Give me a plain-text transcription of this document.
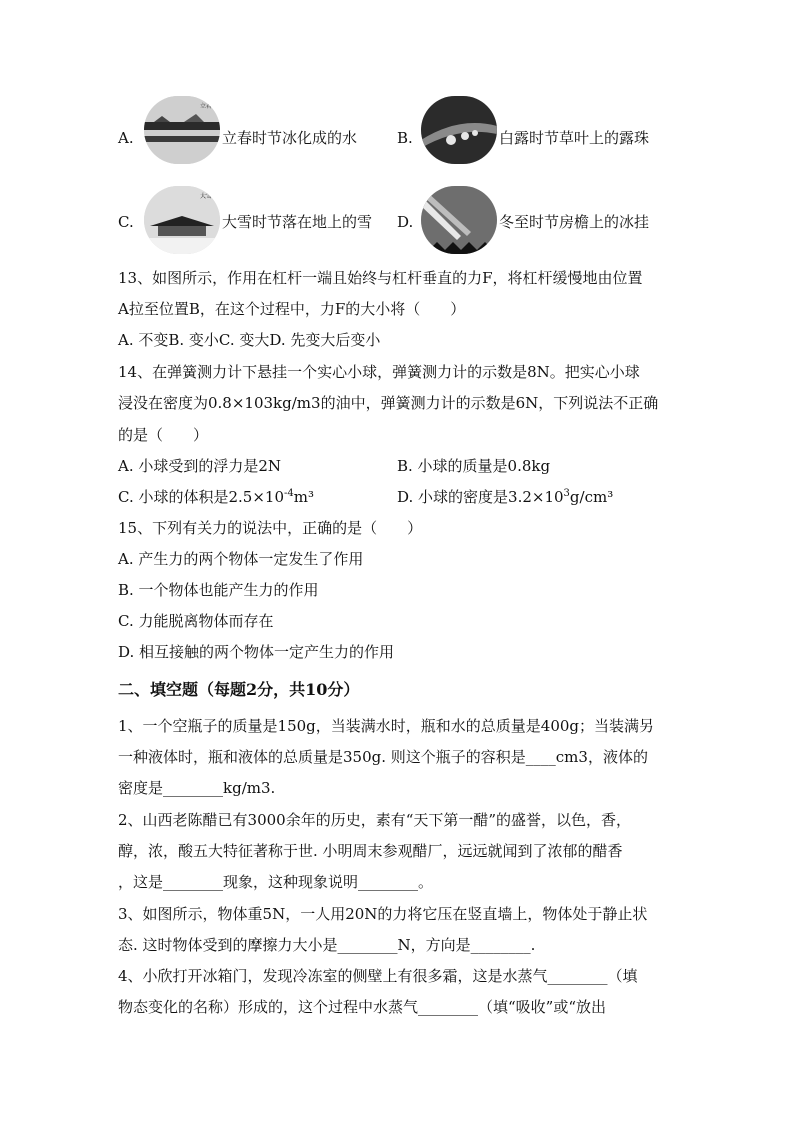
A.
立春
立春时节冰化成的水	B.	白露时节草叶上的露珠
C.
大雪
大雪时节落在地上的雪 D.	冬至时节房檐上的冰挂
13、如图所示，作用在杠杆一端且始终与杠杆垂直的力F，将杠杆缓慢地由位置
A拉至位置B，在这个过程中，力F的大小将（　　）
A. 不变B. 变小C. 变大D. 先变大后变小
14、在弹簧测力计下悬挂一个实心小球，弹簧测力计的示数是8N。把实心小球
浸没在密度为0.8×103kg/m3的油中，弹簧测力计的示数是6N，下列说法不正确
的是（　　）
A. 小球受到的浮力是2N	B. 小球的质量是0.8kg
C. 小球的体积是$2.5\times 10^{-4}m^3$	D. 小球的密度是$3.2\times 10^3g$/cm³
15、下列有关力的说法中，正确的是（　　）
A. 产生力的两个物体一定发生了作用
B. 一个物体也能产生力的作用
C. 力能脱离物体而存在
D. 相互接触的两个物体一定产生力的作用
二、填空题（每题2分，共10分）
1、一个空瓶子的质量是150g，当装满水时，瓶和水的总质量是400g；当装满另
一种液体时，瓶和液体的总质量是350g. 则这个瓶子的容积是____cm3，液体的
密度是________kg/m3.
2、山西老陈醋已有3000余年的历史，素有“天下第一醋”的盛誉，以色，香，
醇，浓，酸五大特征著称于世. 小明周末参观醋厂，远远就闻到了浓郁的醋香
，这是________现象，这种现象说明________。
3、如图所示，物体重5N，一人用20N的力将它压在竖直墙上，物体处于静止状
态. 这时物体受到的摩擦力大小是________N，方向是________.
4、小欣打开冰箱门，发现冷冻室的侧壁上有很多霜，这是水蒸气________（填
物态变化的名称）形成的，这个过程中水蒸气________（填“吸收”或“放出
